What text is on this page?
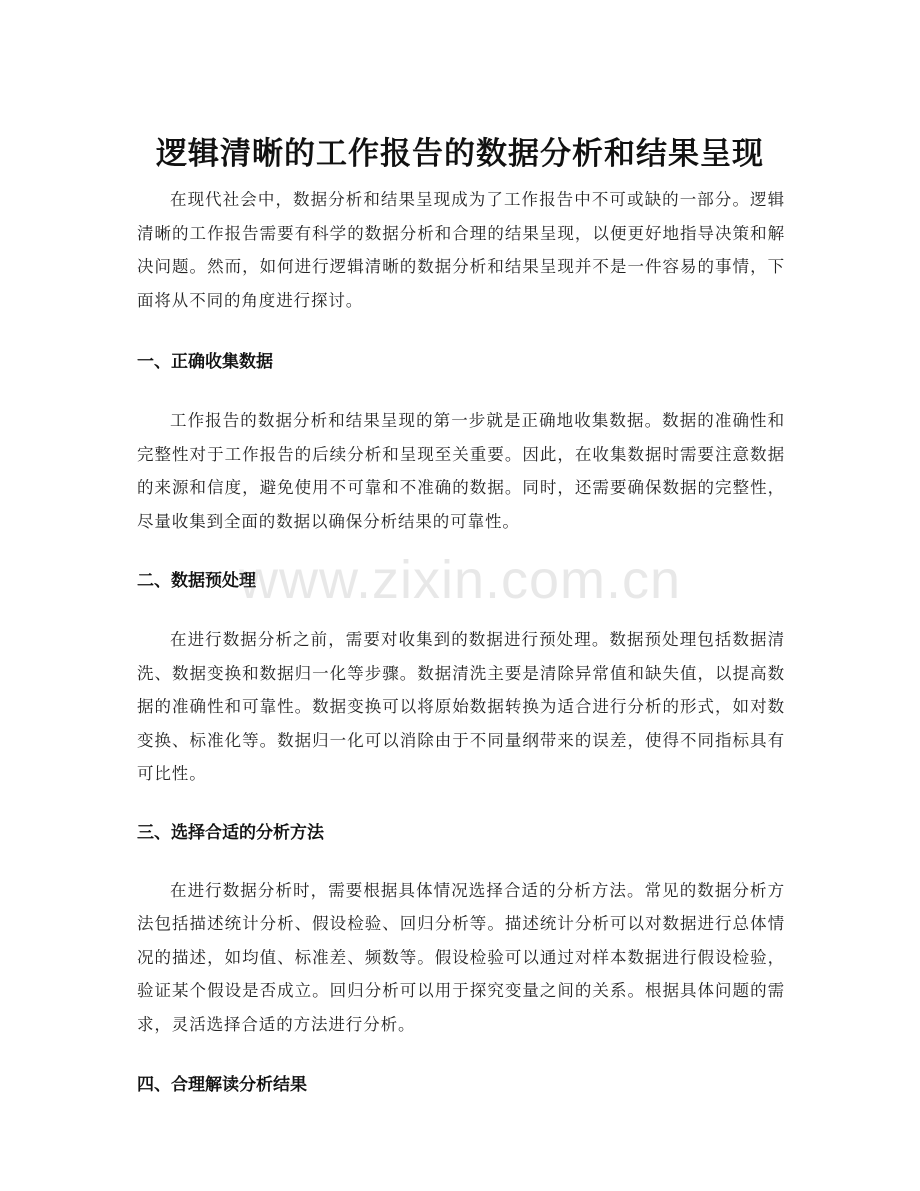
逻辑清晰的工作报告的数据分析和结果呈现

在现代社会中，数据分析和结果呈现成为了工作报告中不可或缺的一部分。逻辑清晰的工作报告需要有科学的数据分析和合理的结果呈现，以便更好地指导决策和解决问题。然而，如何进行逻辑清晰的数据分析和结果呈现并不是一件容易的事情，下面将从不同的角度进行探讨。

一、正确收集数据

工作报告的数据分析和结果呈现的第一步就是正确地收集数据。数据的准确性和完整性对于工作报告的后续分析和呈现至关重要。因此，在收集数据时需要注意数据的来源和信度，避免使用不可靠和不准确的数据。同时，还需要确保数据的完整性，尽量收集到全面的数据以确保分析结果的可靠性。

二、数据预处理

在进行数据分析之前，需要对收集到的数据进行预处理。数据预处理包括数据清洗、数据变换和数据归一化等步骤。数据清洗主要是清除异常值和缺失值，以提高数据的准确性和可靠性。数据变换可以将原始数据转换为适合进行分析的形式，如对数变换、标准化等。数据归一化可以消除由于不同量纲带来的误差，使得不同指标具有可比性。

三、选择合适的分析方法

在进行数据分析时，需要根据具体情况选择合适的分析方法。常见的数据分析方法包括描述统计分析、假设检验、回归分析等。描述统计分析可以对数据进行总体情况的描述，如均值、标准差、频数等。假设检验可以通过对样本数据进行假设检验，验证某个假设是否成立。回归分析可以用于探究变量之间的关系。根据具体问题的需求，灵活选择合适的方法进行分析。

四、合理解读分析结果
www.zixin.com.cn
